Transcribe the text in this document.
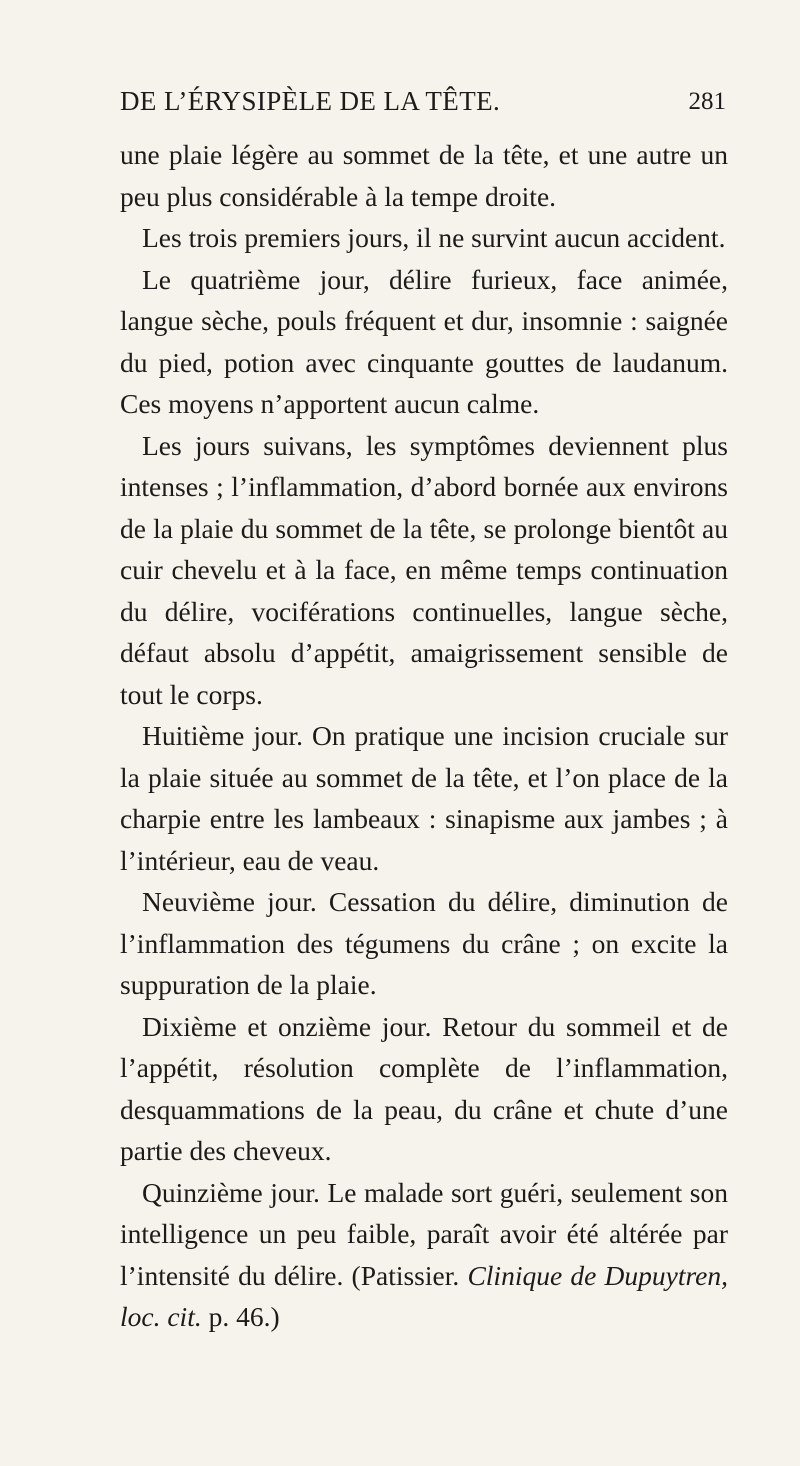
DE L’ÉRYSIPÈLE DE LA TÊTE.	281

une plaie légère au sommet de la tête, et une autre un peu plus considérable à la tempe droite.

Les trois premiers jours, il ne survint aucun accident.

Le quatrième jour, délire furieux, face animée, langue sèche, pouls fréquent et dur, insomnie : saignée du pied, potion avec cinquante gouttes de laudanum. Ces moyens n’apportent aucun calme.

Les jours suivans, les symptômes deviennent plus intenses ; l’inflammation, d’abord bornée aux environs de la plaie du sommet de la tête, se prolonge bientôt au cuir chevelu et à la face, en même temps continuation du délire, vociférations continuelles, langue sèche, défaut absolu d’appétit, amaigrissement sensible de tout le corps.

Huitième jour. On pratique une incision cruciale sur la plaie située au sommet de la tête, et l’on place de la charpie entre les lambeaux : sinapisme aux jambes ; à l’intérieur, eau de veau.

Neuvième jour. Cessation du délire, diminution de l’inflammation des tégumens du crâne ; on excite la suppuration de la plaie.

Dixième et onzième jour. Retour du sommeil et de l’appétit, résolution complète de l’inflammation, desquammations de la peau, du crâne et chute d’une partie des cheveux.

Quinzième jour. Le malade sort guéri, seulement son intelligence un peu faible, paraît avoir été altérée par l’intensité du délire. (Patissier. Clinique de Dupuytren, loc. cit. p. 46.)
